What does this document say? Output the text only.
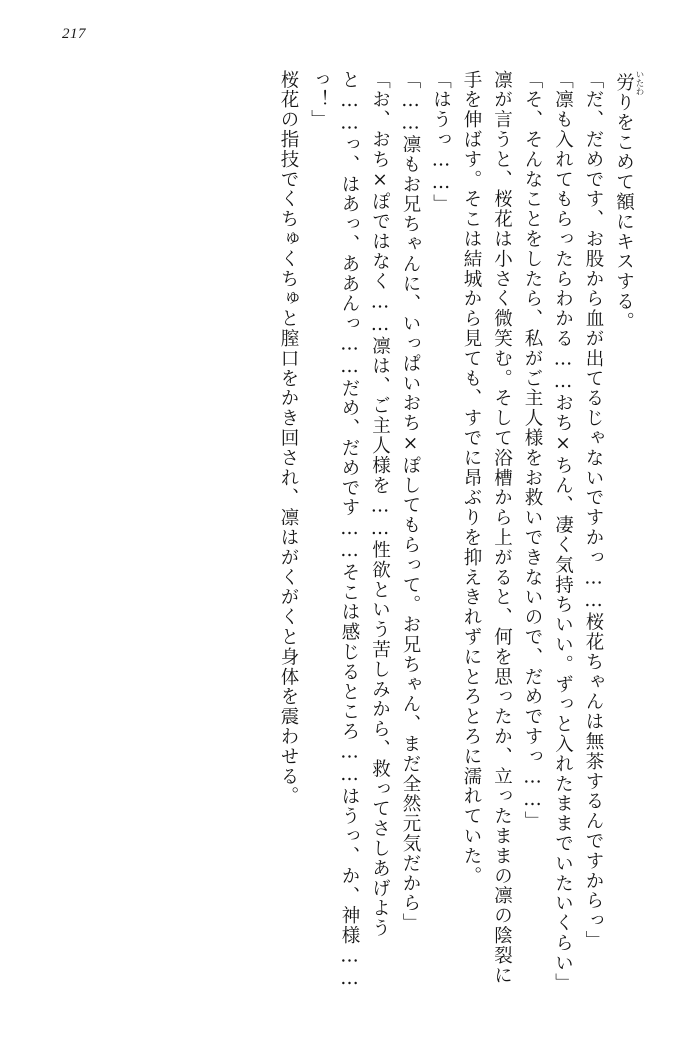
217

労 いたわりをこめて額にキスする。

「だ、だめです、お股から血が出てるじゃないですかっ……桜花ちゃんは無茶するんですからっ」

「凛も入れてもらったらわかる……おち×ちん、凄く気持ちいい。ずっと入れたままでいたいくらい」

「そ、そんなことをしたら、私がご主人様をお救いできないので、だめですっ……」

凛が言うと、桜花は小さく微笑む。そして浴槽から上がると、何を思ったか、立ったままの凛の陰裂に手を伸ばす。そこは結城から見ても、すでに昂ぶりを抑えきれずにとろとろに濡れていた。

「はうっ……」

「……凛もお兄ちゃんに、いっぱいおち×ぽしてもらって。お兄ちゃん、まだ全然元気だから」

「お、おち×ぽではなく……凛は、ご主人様を……性欲という苦しみから、救ってさしあげようと……っ、はあっ、ああんっ……だめ、だめです……そこは感じるところ……はうっ、か、神様……っ！」

桜花の指技でくちゅくちゅと膣口をかき回され、凛はがくがくと身体を震わせる。
